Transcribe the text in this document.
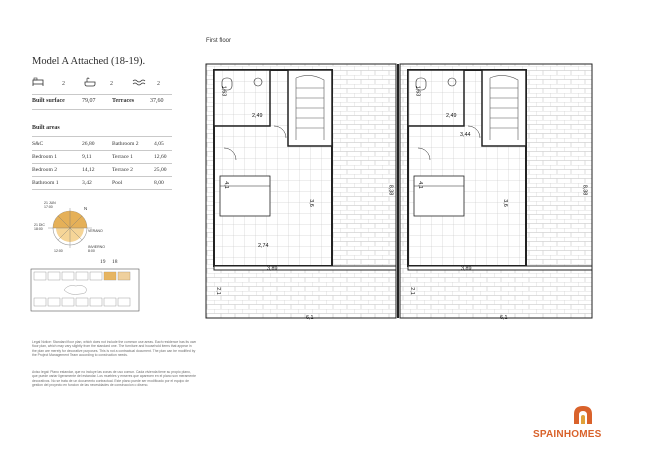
Model A Attached (18-19).
2	2	2
Built surface	79,07	Terraces	37,60
Built areas
S&C	26,80	Bathroom 2	4,05
Bedroom 1	9,11	Terrace 1	12,60
Bedroom 2	14,12	Terrace 2	25,00
Bathroom 1	3,42	Pool	8,00
21 JUN
17:00
21 DIC
18:00	VERANO
INVIERNO
8:00
12:00
N
19 18
Legal Notice: Standard floor plan, which does not include the common use areas. Each residence has its own floor plan, which may vary slightly from the standard one. The furniture and household items that appear in the plan are merely for decorative purposes. This is not a contractual document. The plan can be modified by the Project Management Team according to construction needs.
Aviso legal: Plano estandar, que no incluye las zonas de uso comun. Cada vivienda tiene su propio plano, que puede variar ligeramente del estandar. Los muebles y enseres que aparecen en el plano son meramente decorativos. No se trata de un documento contractual. Este plano puede ser modificado por el equipo de gestion del proyecto en funcion de las necesidades de construccion o diseno.
First floor
1,63
2,49
4,1
3,6
8,38
2,74
3,89
2,1
6,1
1,63
2,49
3,44
4,1
3,6
8,38
3,89
2,1
6,1
SPAINHOMES
